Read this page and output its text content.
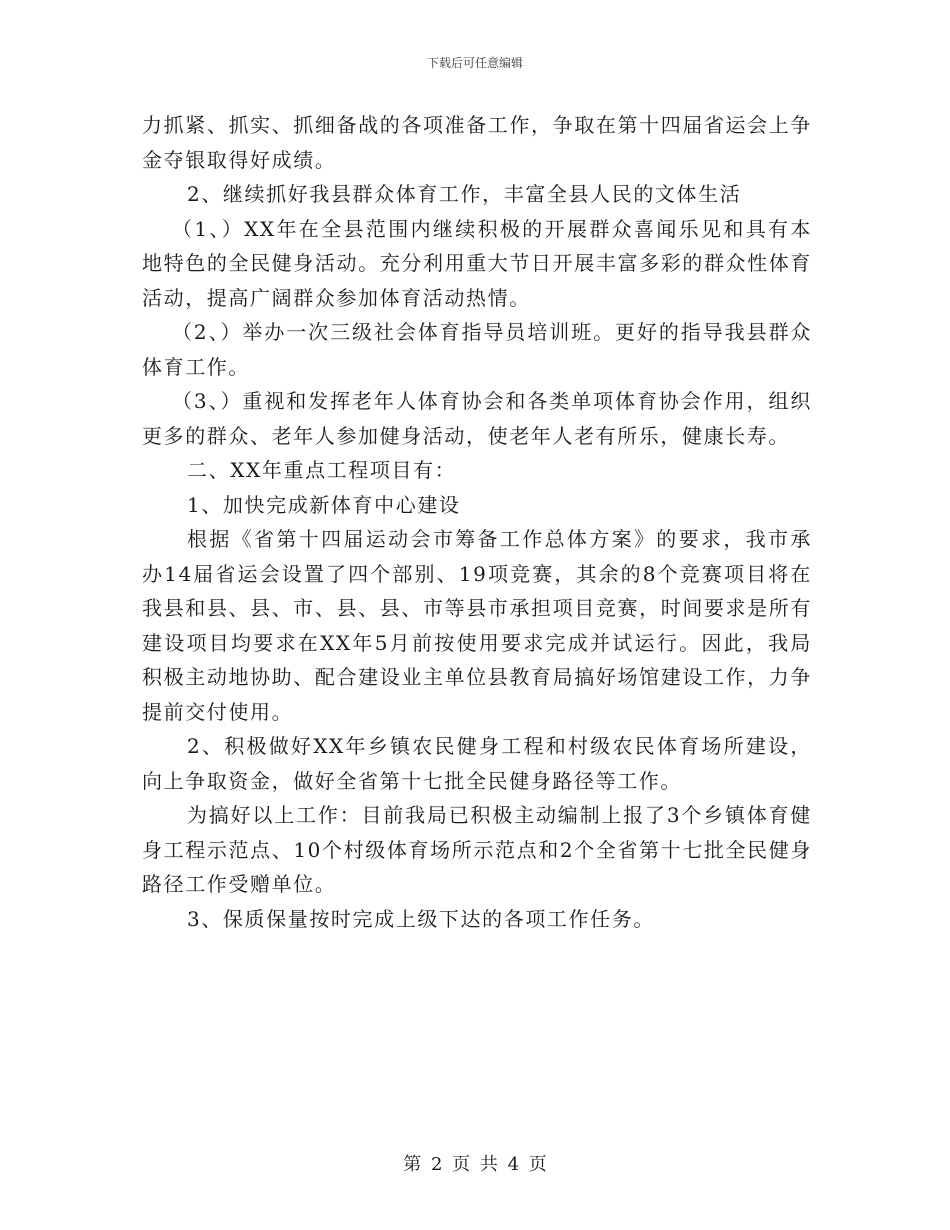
下载后可任意编辑

力抓紧、抓实、抓细备战的各项准备工作，争取在第十四届省运会上争金夺银取得好成绩。

2、继续抓好我县群众体育工作，丰富全县人民的文体生活

（1、）XX年在全县范围内继续积极的开展群众喜闻乐见和具有本地特色的全民健身活动。充分利用重大节日开展丰富多彩的群众性体育活动，提高广阔群众参加体育活动热情。

（2、）举办一次三级社会体育指导员培训班。更好的指导我县群众体育工作。

（3、）重视和发挥老年人体育协会和各类单项体育协会作用，组织更多的群众、老年人参加健身活动，使老年人老有所乐，健康长寿。

二、XX年重点工程项目有：

1、加快完成新体育中心建设

根据《省第十四届运动会市筹备工作总体方案》的要求，我市承办14届省运会设置了四个部别、19项竞赛，其余的8个竞赛项目将在我县和县、县、市、县、县、市等县市承担项目竞赛，时间要求是所有建设项目均要求在XX年5月前按使用要求完成并试运行。因此，我局积极主动地协助、配合建设业主单位县教育局搞好场馆建设工作，力争提前交付使用。

2、积极做好XX年乡镇农民健身工程和村级农民体育场所建设，向上争取资金，做好全省第十七批全民健身路径等工作。

为搞好以上工作：目前我局已积极主动编制上报了3个乡镇体育健身工程示范点、10个村级体育场所示范点和2个全省第十七批全民健身路径工作受赠单位。

3、保质保量按时完成上级下达的各项工作任务。

第 2 页 共 4 页
